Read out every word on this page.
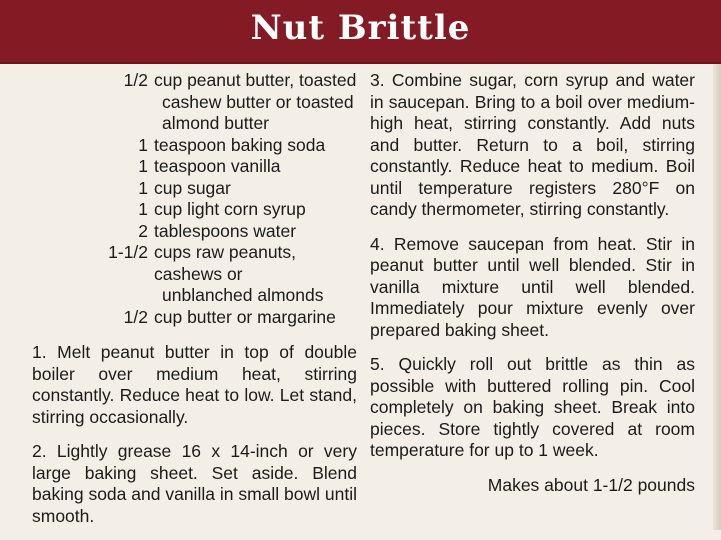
Nut Brittle
1/2 cup peanut butter, toasted
cashew butter or toasted
almond butter
1 teaspoon baking soda
1 teaspoon vanilla
1 cup sugar
1 cup light corn syrup
2 tablespoons water
1-1/2 cups raw peanuts, cashews or
unblanched almonds
1/2 cup butter or margarine

1. Melt peanut butter in top of double boiler over medium heat, stirring constantly. Reduce heat to low. Let stand, stirring occasionally.

2. Lightly grease 16 x 14-inch or very large baking sheet. Set aside. Blend baking soda and vanilla in small bowl until smooth.

3. Combine sugar, corn syrup and water in saucepan. Bring to a boil over medium-high heat, stirring constantly. Add nuts and butter. Return to a boil, stirring constantly. Reduce heat to medium. Boil until temperature registers 280°F on candy thermometer, stirring constantly.

4. Remove saucepan from heat. Stir in peanut butter until well blended. Stir in vanilla mixture until well blended. Immediately pour mixture evenly over prepared baking sheet.

5. Quickly roll out brittle as thin as possible with buttered rolling pin. Cool completely on baking sheet. Break into pieces. Store tightly covered at room temperature for up to 1 week.

Makes about 1-1/2 pounds
